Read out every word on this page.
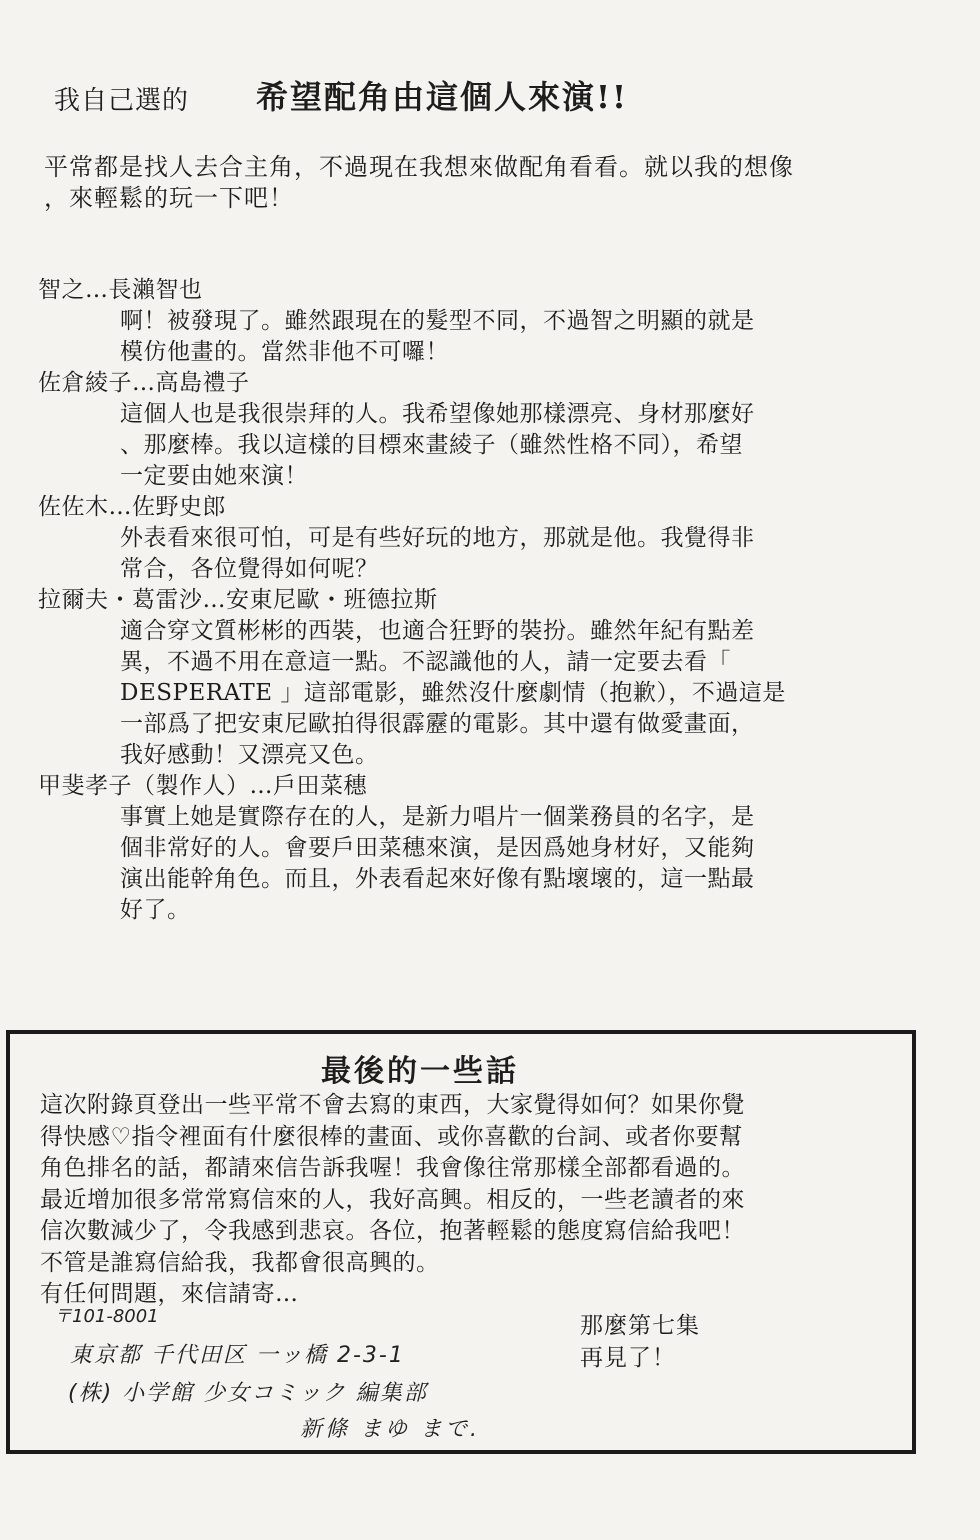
我自己選的 希望配角由這個人來演!!

平常都是找人去合主角，不過現在我想來做配角看看。就以我的想像

，來輕鬆的玩一下吧！

智之…長瀨智也

啊！被發現了。雖然跟現在的髮型不同，不過智之明顯的就是
模仿他畫的。當然非他不可囉！

佐倉綾子…高島禮子

這個人也是我很崇拜的人。我希望像她那樣漂亮、身材那麼好
、那麼棒。我以這樣的目標來畫綾子（雖然性格不同），希望
一定要由她來演！

佐佐木…佐野史郎

外表看來很可怕，可是有些好玩的地方，那就是他。我覺得非
常合，各位覺得如何呢？

拉爾夫・葛雷沙…安東尼歐・班德拉斯

適合穿文質彬彬的西裝，也適合狂野的裝扮。雖然年紀有點差
異，不過不用在意這一點。不認識他的人，請一定要去看「
DESPERATE 」這部電影，雖然沒什麼劇情（抱歉），不過這是
一部爲了把安東尼歐拍得很霹靂的電影。其中還有做愛畫面，
我好感動！又漂亮又色。

甲斐孝子（製作人）…戶田菜穗

事實上她是實際存在的人，是新力唱片一個業務員的名字，是
個非常好的人。會要戶田菜穗來演，是因爲她身材好，又能夠
演出能幹角色。而且，外表看起來好像有點壞壞的，這一點最
好了。
最後的一些話
這次附錄頁登出一些平常不會去寫的東西，大家覺得如何？如果你覺
得快感♡指令裡面有什麼很棒的畫面、或你喜歡的台詞、或者你要幫
角色排名的話，都請來信告訴我喔！我會像往常那樣全部都看過的。
最近增加很多常常寫信來的人，我好高興。相反的，一些老讀者的來
信次數減少了，令我感到悲哀。各位，抱著輕鬆的態度寫信給我吧！
不管是誰寫信給我，我都會很高興的。
有任何問題，來信請寄…
〒101-8001
東京都 千代田区 一ッ橋 2-3-1
(株) 小学館 少女コミック 編集部
新條 まゆ まで.
那麼第七集
再見了！
